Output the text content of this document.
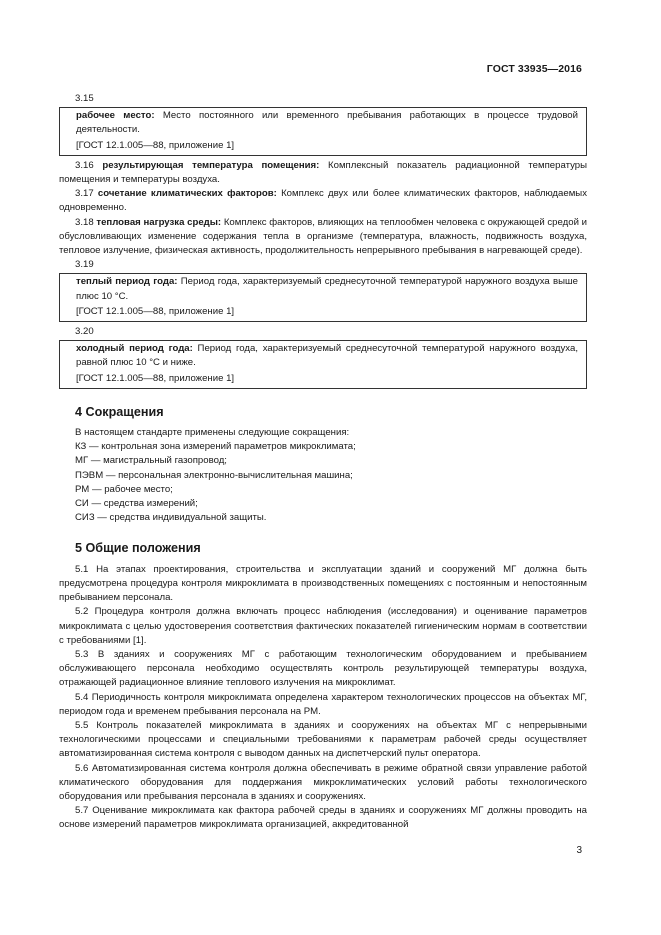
ГОСТ 33935—2016
3.15
рабочее место: Место постоянного или временного пребывания работающих в процессе трудовой деятельности.
[ГОСТ 12.1.005—88, приложение 1]
3.16 результирующая температура помещения: Комплексный показатель радиационной температуры помещения и температуры воздуха.
3.17 сочетание климатических факторов: Комплекс двух или более климатических факторов, наблюдаемых одновременно.
3.18 тепловая нагрузка среды: Комплекс факторов, влияющих на теплообмен человека с окружающей средой и обусловливающих изменение содержания тепла в организме (температура, влажность, подвижность воздуха, тепловое излучение, физическая активность, продолжительность непрерывного пребывания в нагревающей среде).
3.19
теплый период года: Период года, характеризуемый среднесуточной температурой наружного воздуха выше плюс 10 °С.
[ГОСТ 12.1.005—88, приложение 1]
3.20
холодный период года: Период года, характеризуемый среднесуточной температурой наружного воздуха, равной плюс 10 °С и ниже.
[ГОСТ 12.1.005—88, приложение 1]
4 Сокращения
В настоящем стандарте применены следующие сокращения:
КЗ — контрольная зона измерений параметров микроклимата;
МГ — магистральный газопровод;
ПЭВМ — персональная электронно-вычислительная машина;
РМ — рабочее место;
СИ — средства измерений;
СИЗ — средства индивидуальной защиты.
5 Общие положения
5.1 На этапах проектирования, строительства и эксплуатации зданий и сооружений МГ должна быть предусмотрена процедура контроля микроклимата в производственных помещениях с постоянным и непостоянным пребыванием персонала.
5.2 Процедура контроля должна включать процесс наблюдения (исследования) и оценивание параметров микроклимата с целью удостоверения соответствия фактических показателей гигиеническим нормам в соответствии с требованиями [1].
5.3 В зданиях и сооружениях МГ с работающим технологическим оборудованием и пребыванием обслуживающего персонала необходимо осуществлять контроль результирующей температуры воздуха, отражающей радиационное влияние теплового излучения на микроклимат.
5.4 Периодичность контроля микроклимата определена характером технологических процессов на объектах МГ, периодом года и временем пребывания персонала на РМ.
5.5 Контроль показателей микроклимата в зданиях и сооружениях на объектах МГ с непрерывными технологическими процессами и специальными требованиями к параметрам рабочей среды осуществляет автоматизированная система контроля с выводом данных на диспетчерский пульт оператора.
5.6 Автоматизированная система контроля должна обеспечивать в режиме обратной связи управление работой климатического оборудования для поддержания микроклиматических условий работы технологического оборудования или пребывания персонала в зданиях и сооружениях.
5.7 Оценивание микроклимата как фактора рабочей среды в зданиях и сооружениях МГ должны проводить на основе измерений параметров микроклимата организацией, аккредитованной
3
